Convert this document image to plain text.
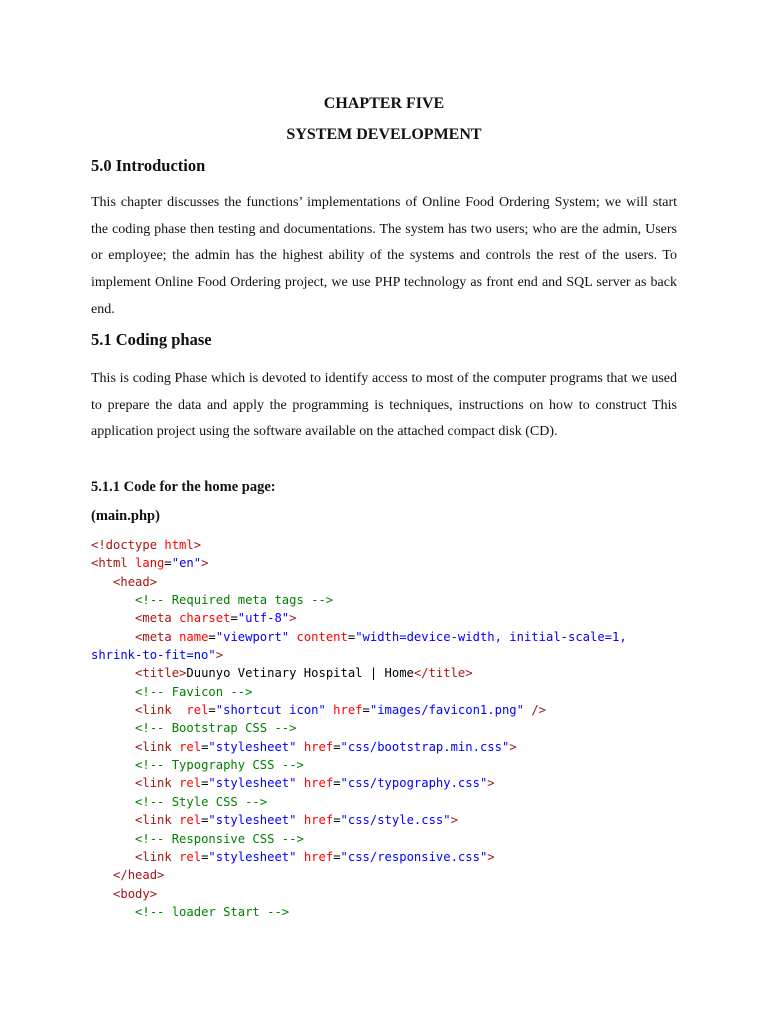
CHAPTER FIVE
SYSTEM DEVELOPMENT
5.0 Introduction

This chapter discusses the functions’ implementations of Online Food Ordering System; we will start the coding phase then testing and documentations. The system has two users; who are the admin, Users or employee; the admin has the highest ability of the systems and controls the rest of the users. To implement Online Food Ordering project, we use PHP technology as front end and SQL server as back end.

5.1 Coding phase

This is coding Phase which is devoted to identify access to most of the computer programs that we used to prepare the data and apply the programming is techniques, instructions on how to construct This application project using the software available on the attached compact disk (CD).

5.1.1 Code for the home page:
(main.php)
<!doctype html>
<html lang="en">
<head>
<!-- Required meta tags -->
<meta charset="utf-8">
<meta name="viewport" content="width=device-width, initial-scale=1,
shrink-to-fit=no">
<title>Duunyo Vetinary Hospital | Home</title>
<!-- Favicon -->
<link  rel="shortcut icon" href="images/favicon1.png" />
<!-- Bootstrap CSS -->
<link rel="stylesheet" href="css/bootstrap.min.css">
<!-- Typography CSS -->
<link rel="stylesheet" href="css/typography.css">
<!-- Style CSS -->
<link rel="stylesheet" href="css/style.css">
<!-- Responsive CSS -->
<link rel="stylesheet" href="css/responsive.css">
</head>
<body>
<!-- loader Start -->
